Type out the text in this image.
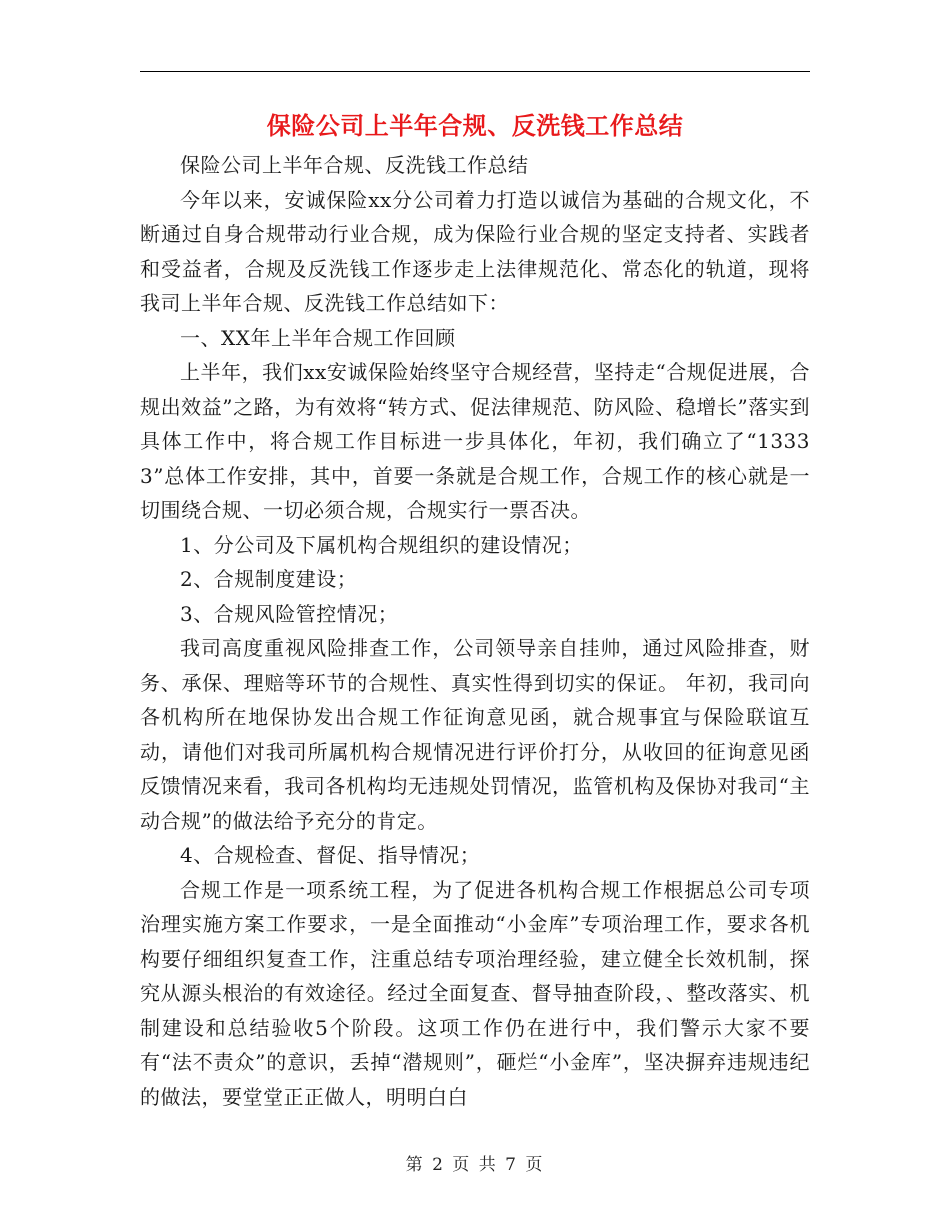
保险公司上半年合规、反洗钱工作总结

保险公司上半年合规、反洗钱工作总结

今年以来，安诚保险xx分公司着力打造以诚信为基础的合规文化，不断通过自身合规带动行业合规，成为保险行业合规的坚定支持者、实践者和受益者，合规及反洗钱工作逐步走上法律规范化、常态化的轨道，现将我司上半年合规、反洗钱工作总结如下：

一、XX年上半年合规工作回顾

上半年，我们xx安诚保险始终坚守合规经营，坚持走“合规促进展，合规出效益”之路，为有效将“转方式、促法律规范、防风险、稳增长”落实到具体工作中，将合规工作目标进一步具体化，年初，我们确立了“13333”总体工作安排，其中，首要一条就是合规工作，合规工作的核心就是一切围绕合规、一切必须合规，合规实行一票否决。

1、分公司及下属机构合规组织的建设情况；

2、合规制度建设；

3、合规风险管控情况；

我司高度重视风险排查工作，公司领导亲自挂帅，通过风险排查，财务、承保、理赔等环节的合规性、真实性得到切实的保证。 年初，我司向各机构所在地保协发出合规工作征询意见函，就合规事宜与保险联谊互动，请他们对我司所属机构合规情况进行评价打分，从收回的征询意见函反馈情况来看，我司各机构均无违规处罚情况，监管机构及保协对我司“主动合规”的做法给予充分的肯定。

4、合规检查、督促、指导情况；

合规工作是一项系统工程，为了促进各机构合规工作根据总公司专项治理实施方案工作要求，一是全面推动“小金库”专项治理工作，要求各机构要仔细组织复查工作，注重总结专项治理经验，建立健全长效机制，探究从源头根治的有效途径。经过全面复查、督导抽查阶段，、整改落实、机制建设和总结验收5个阶段。这项工作仍在进行中，我们警示大家不要有“法不责众”的意识，丢掉“潜规则”，砸烂“小金库”，坚决摒弃违规违纪的做法，要堂堂正正做人，明明白白

第 2 页 共 7 页
